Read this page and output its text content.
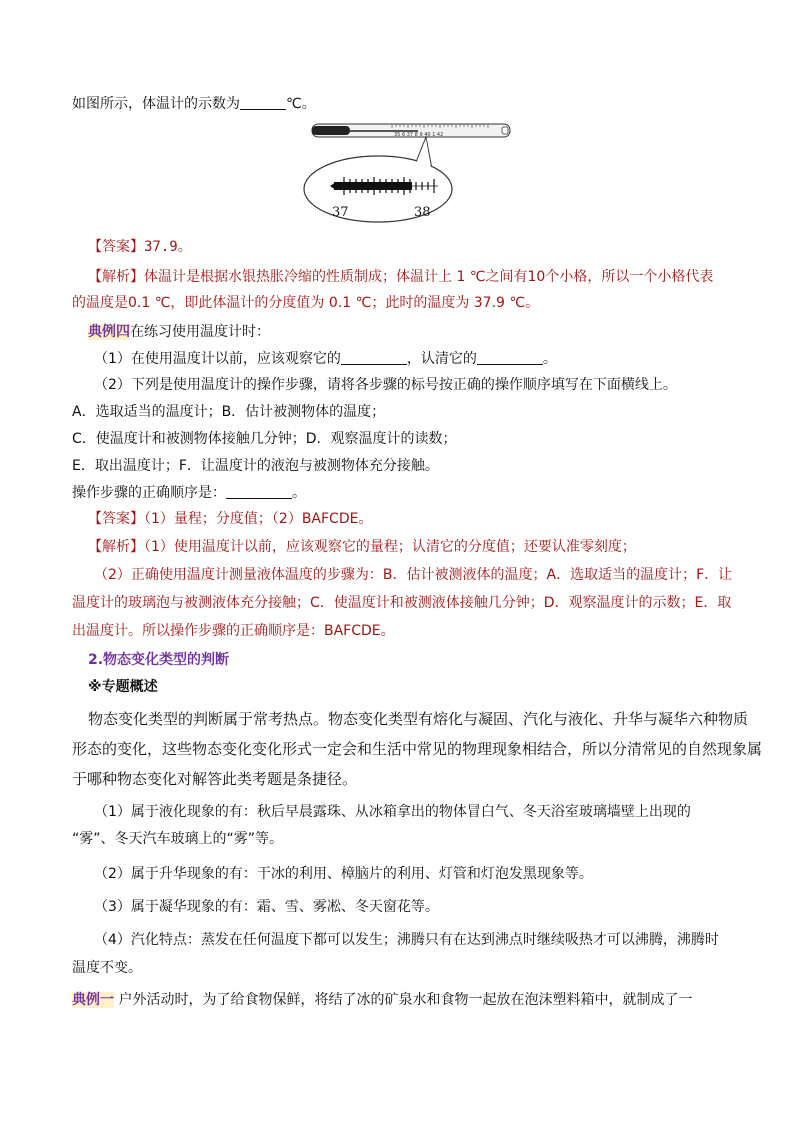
如图所示，体温计的示数为	℃。
35 6 37 8 9 40 1 42
37	38
【答案】37.9。
【解析】体温计是根据水银热胀冷缩的性质制成；体温计上 1 ℃之间有10个小格，所以一个小格代表
的温度是0.1 ℃，即此体温计的分度值为 0.1 ℃；此时的温度为 37.9 ℃。
典例四在练习使用温度计时：
（1）在使用温度计以前，应该观察它的	，认清它的	。
（2）下列是使用温度计的操作步骤，请将各步骤的标号按正确的操作顺序填写在下面横线上。
A．选取适当的温度计；B．估计被测物体的温度；
C．使温度计和被测物体接触几分钟；D．观察温度计的读数；
E．取出温度计；F．让温度计的液泡与被测物体充分接触。
操作步骤的正确顺序是：	。
【答案】（1）量程；分度值；（2）BAFCDE。
【解析】（1）使用温度计以前，应该观察它的量程；认清它的分度值；还要认准零刻度；
（2）正确使用温度计测量液体温度的步骤为：B．估计被测液体的温度；A．选取适当的温度计；F．让
温度计的玻璃泡与被测液体充分接触；C．使温度计和被测液体接触几分钟；D．观察温度计的示数；E．取
出温度计。所以操作步骤的正确顺序是：BAFCDE。
2.物态变化类型的判断
※专题概述
物态变化类型的判断属于常考热点。物态变化类型有熔化与凝固、汽化与液化、升华与凝华六种物质
形态的变化，这些物态变化变化形式一定会和生活中常见的物理现象相结合，所以分清常见的自然现象属
于哪种物态变化对解答此类考题是条捷径。
（1）属于液化现象的有：秋后早晨露珠、从冰箱拿出的物体冒白气、冬天浴室玻璃墙壁上出现的
“雾”、冬天汽车玻璃上的“雾”等。
（2）属于升华现象的有：干冰的利用、樟脑片的利用、灯管和灯泡发黑现象等。
（3）属于凝华现象的有：霜、雪、雾凇、冬天窗花等。
（4）汽化特点：蒸发在任何温度下都可以发生；沸腾只有在达到沸点时继续吸热才可以沸腾，沸腾时
温度不变。
典例一 户外活动时，为了给食物保鲜，将结了冰的矿泉水和食物一起放在泡沫塑料箱中，就制成了一
